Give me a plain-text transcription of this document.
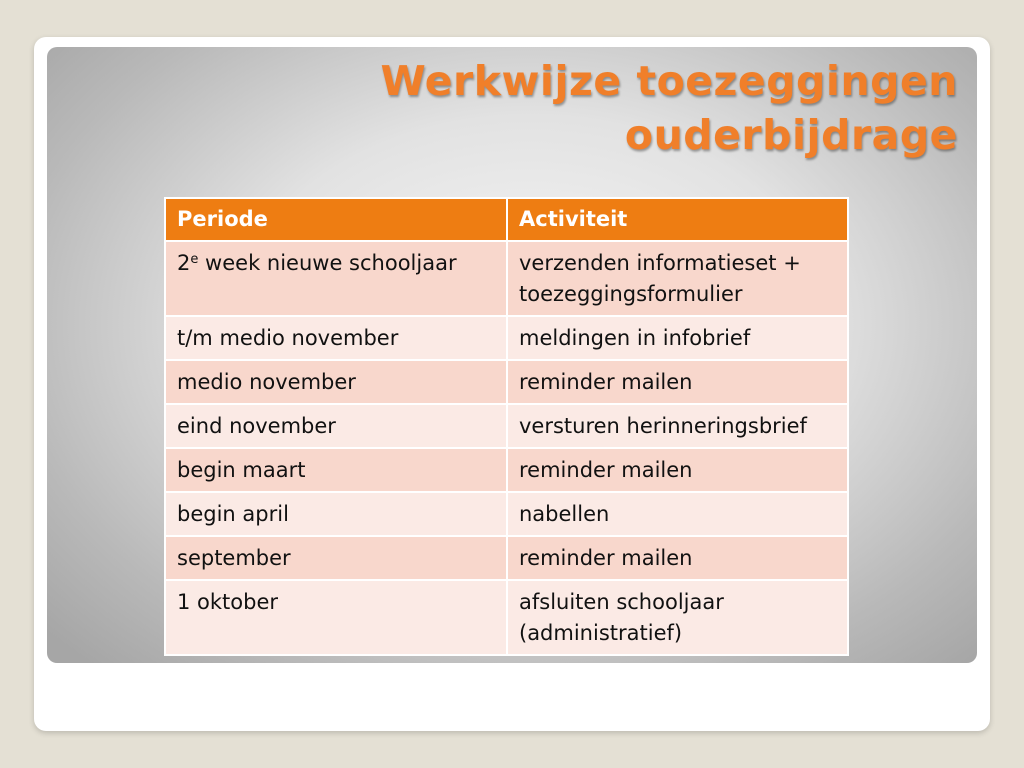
Werkwijze toezeggingen
ouderbijdrage
Periode	Activiteit
2e week nieuwe schooljaar	verzenden informatieset + toezeggingsformulier
t/m medio november	meldingen in infobrief
medio november	reminder mailen
eind november	versturen herinneringsbrief
begin maart	reminder mailen
begin april	nabellen
september	reminder mailen
1 oktober	afsluiten schooljaar (administratief)
